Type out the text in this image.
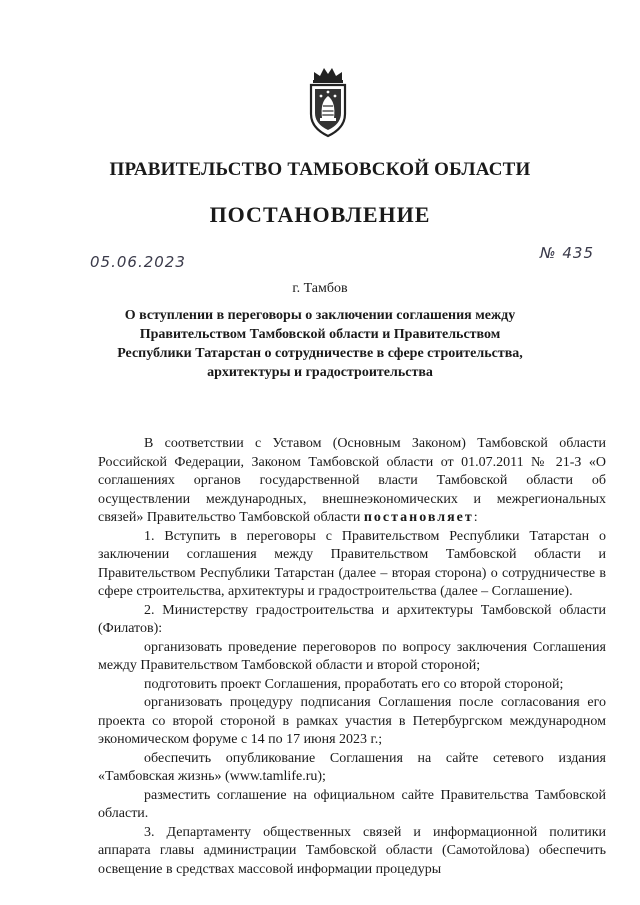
ПРАВИТЕЛЬСТВО ТАМБОВСКОЙ ОБЛАСТИ
ПОСТАНОВЛЕНИЕ
05.06.2023	№ 435
г. Тамбов
О вступлении в переговоры о заключении соглашения между Правительством Тамбовской области и Правительством Республики Татарстан о сотрудничестве в сфере строительства, архитектуры и градостроительства

В соответствии с Уставом (Основным Законом) Тамбовской области Российской Федерации, Законом Тамбовской области от 01.07.2011 № 21-З «О соглашениях органов государственной власти Тамбовской области об осуществлении международных, внешнеэкономических и межрегиональных связей» Правительство Тамбовской области постановляет:

1. Вступить в переговоры с Правительством Республики Татарстан о заключении соглашения между Правительством Тамбовской области и Правительством Республики Татарстан (далее – вторая сторона) о сотрудничестве в сфере строительства, архитектуры и градостроительства (далее – Соглашение).

2. Министерству градостроительства и архитектуры Тамбовской области (Филатов):

организовать проведение переговоров по вопросу заключения Соглашения между Правительством Тамбовской области и второй стороной;

подготовить проект Соглашения, проработать его со второй стороной;

организовать процедуру подписания Соглашения после согласования его проекта со второй стороной в рамках участия в Петербургском международном экономическом форуме с 14 по 17 июня 2023 г.;

обеспечить опубликование Соглашения на сайте сетевого издания «Тамбовская жизнь» (www.tamlife.ru);

разместить соглашение на официальном сайте Правительства Тамбовской области.

3. Департаменту общественных связей и информационной политики аппарата главы администрации Тамбовской области (Самотойлова) обеспечить освещение в средствах массовой информации процедуры
